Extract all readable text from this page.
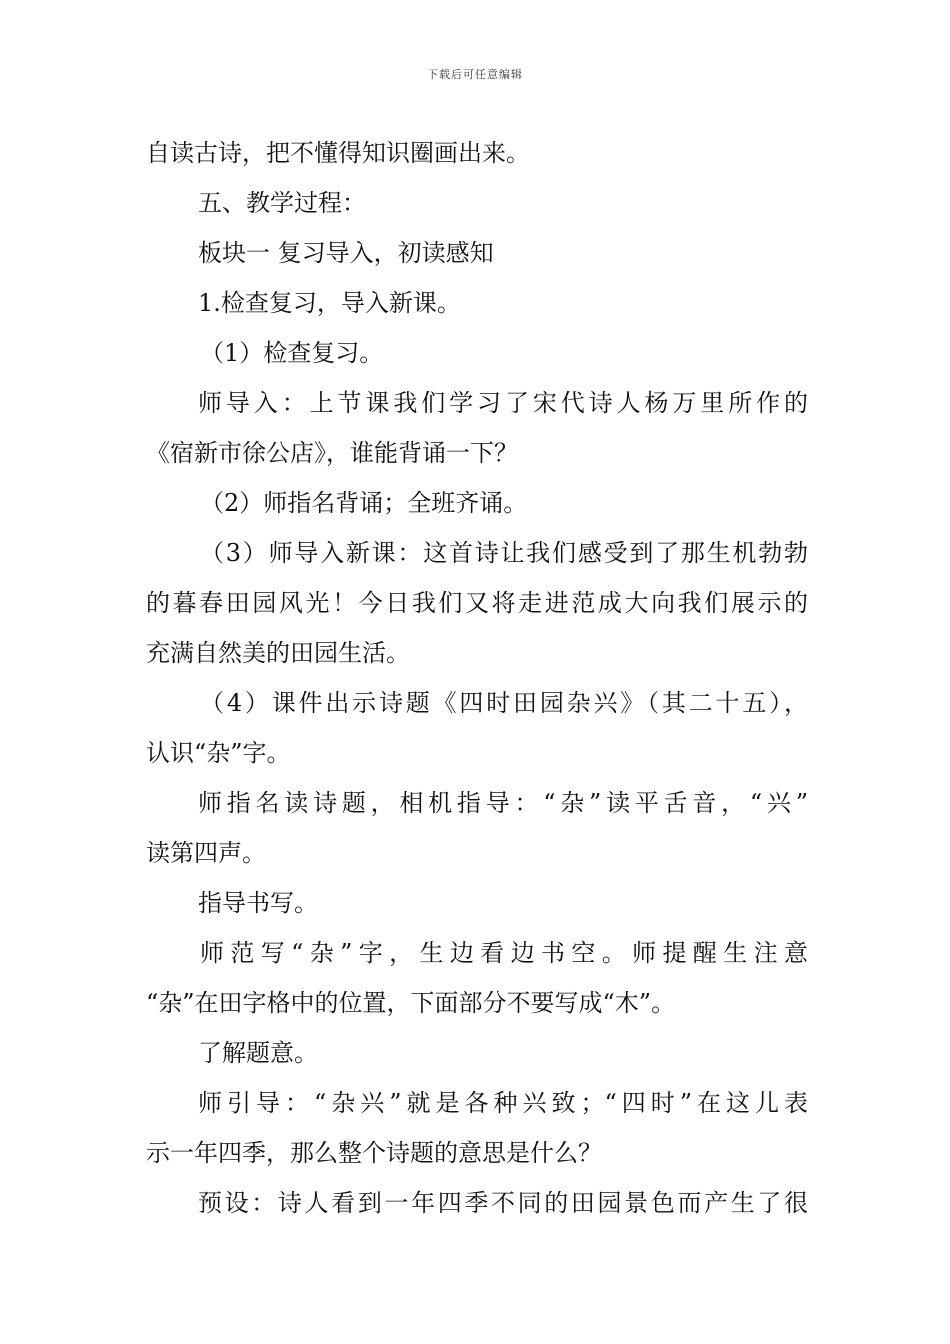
下载后可任意编辑
自读古诗，把不懂得知识圈画出来。
五、教学过程：
板块一 复习导入，初读感知
1.检查复习，导入新课。
（1）检查复习。
师导入：上节课我们学习了宋代诗人杨万里所作的
《宿新市徐公店》，谁能背诵一下？
（2）师指名背诵；全班齐诵。
（3）师导入新课：这首诗让我们感受到了那生机勃勃
的暮春田园风光！今日我们又将走进范成大向我们展示的
充满自然美的田园生活。
（4）课件出示诗题《四时田园杂兴》（其二十五），
认识“杂”字。
师指名读诗题，相机指导：“杂”读平舌音，“兴”
读第四声。
指导书写。
师范写“杂”字，生边看边书空。师提醒生注意
“杂”在田字格中的位置，下面部分不要写成“木”。
了解题意。
师引导：“杂兴”就是各种兴致；“四时”在这儿表
示一年四季，那么整个诗题的意思是什么？
预设：诗人看到一年四季不同的田园景色而产生了很
